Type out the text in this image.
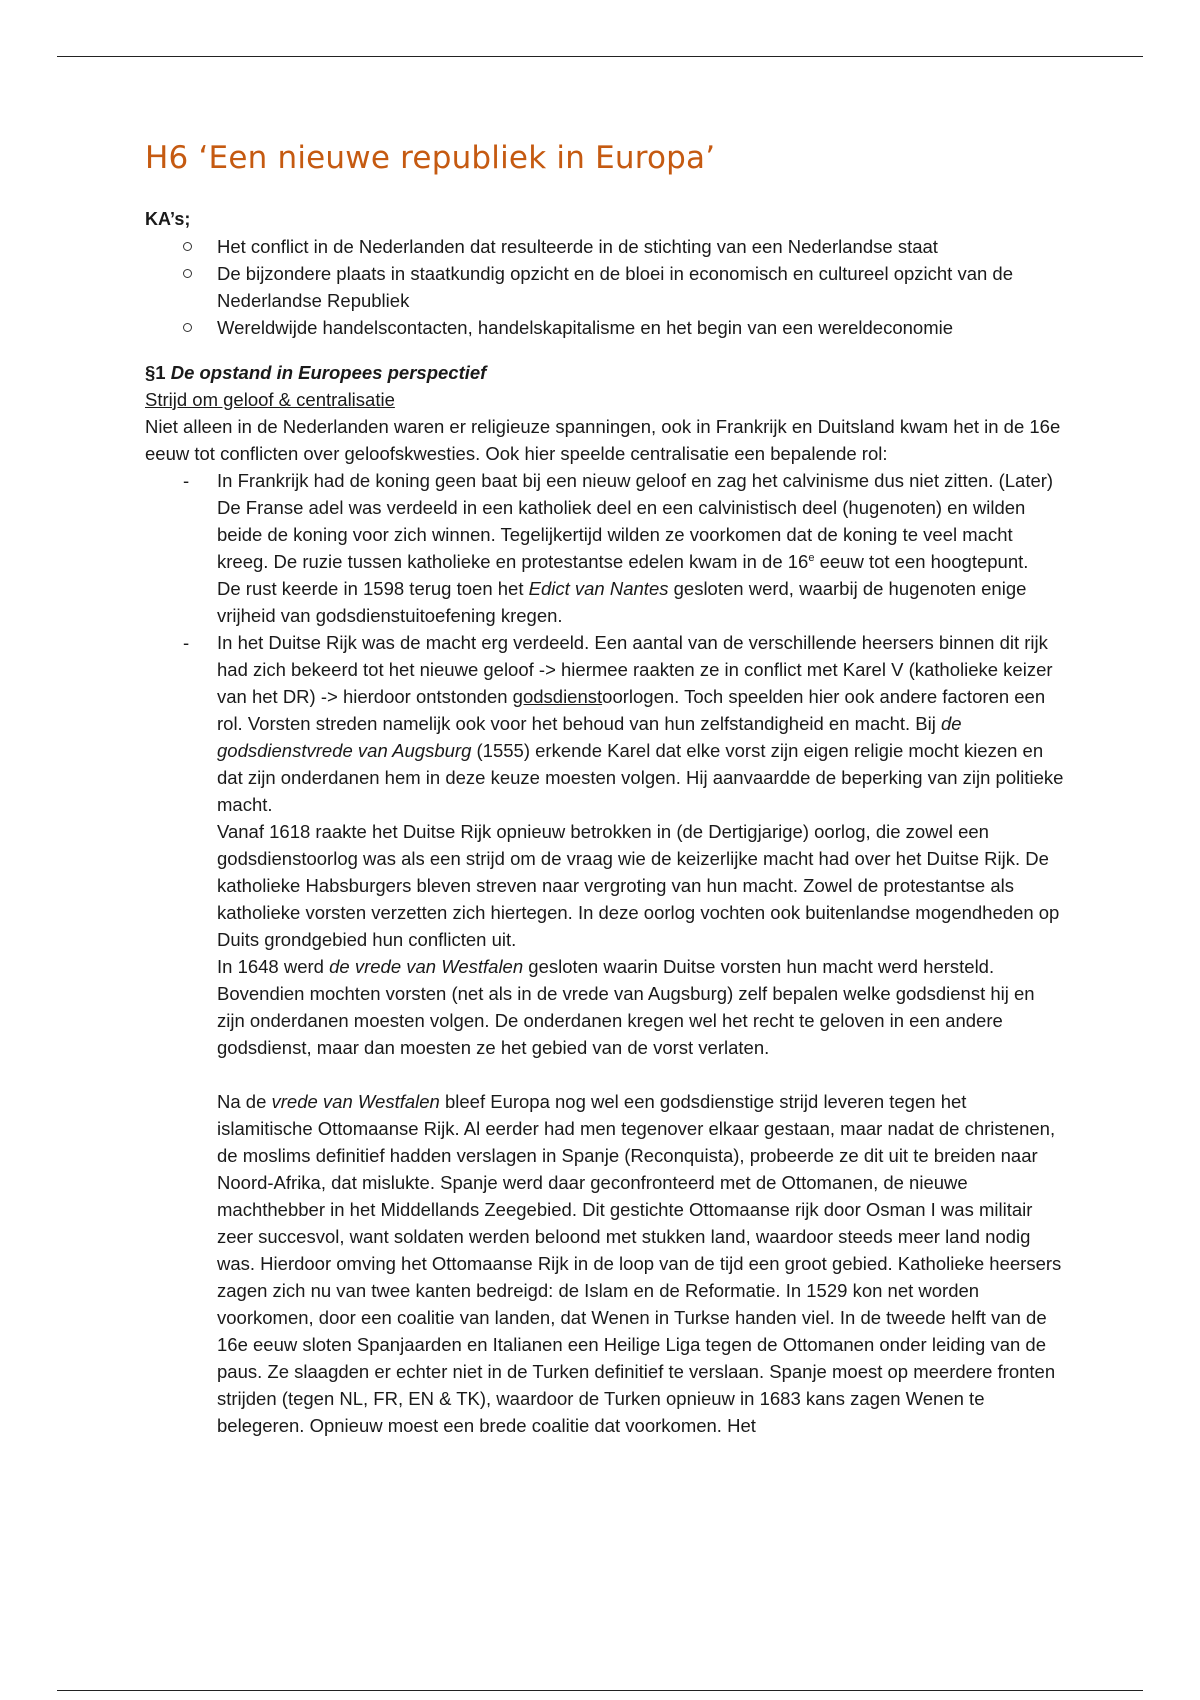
H6 ‘Een nieuwe republiek in Europa’
KA’s;
Het conflict in de Nederlanden dat resulteerde in de stichting van een Nederlandse staat
De bijzondere plaats in staatkundig opzicht en de bloei in economisch en cultureel opzicht van de Nederlandse Republiek
Wereldwijde handelscontacten, handelskapitalisme en het begin van een wereldeconomie
§1 De opstand in Europees perspectief
Strijd om geloof & centralisatie

Niet alleen in de Nederlanden waren er religieuze spanningen, ook in Frankrijk en Duitsland kwam het in de 16e eeuw tot conflicten over geloofskwesties. Ook hier speelde centralisatie een bepalende rol:

- In Frankrijk had de koning geen baat bij een nieuw geloof en zag het calvinisme dus niet zitten. (Later) De Franse adel was verdeeld in een katholiek deel en een calvinistisch deel (hugenoten) en wilden beide de koning voor zich winnen. Tegelijkertijd wilden ze voorkomen dat de koning te veel macht kreeg. De ruzie tussen katholieke en protestantse edelen kwam in de 16e eeuw tot een hoogtepunt.
De rust keerde in 1598 terug toen het Edict van Nantes gesloten werd, waarbij de hugenoten enige vrijheid van godsdienstuitoefening kregen.
- In het Duitse Rijk was de macht erg verdeeld. Een aantal van de verschillende heersers binnen dit rijk had zich bekeerd tot het nieuwe geloof -> hiermee raakten ze in conflict met Karel V (katholieke keizer van het DR) -> hierdoor ontstonden godsdienstoorlogen. Toch speelden hier ook andere factoren een rol. Vorsten streden namelijk ook voor het behoud van hun zelfstandigheid en macht. Bij de godsdienstvrede van Augsburg (1555) erkende Karel dat elke vorst zijn eigen religie mocht kiezen en dat zijn onderdanen hem in deze keuze moesten volgen. Hij aanvaardde de beperking van zijn politieke macht.
Vanaf 1618 raakte het Duitse Rijk opnieuw betrokken in (de Dertigjarige) oorlog, die zowel een godsdienstoorlog was als een strijd om de vraag wie de keizerlijke macht had over het Duitse Rijk. De katholieke Habsburgers bleven streven naar vergroting van hun macht. Zowel de protestantse als katholieke vorsten verzetten zich hiertegen. In deze oorlog vochten ook buitenlandse mogendheden op Duits grondgebied hun conflicten uit.
In 1648 werd de vrede van Westfalen gesloten waarin Duitse vorsten hun macht werd hersteld. Bovendien mochten vorsten (net als in de vrede van Augsburg) zelf bepalen welke godsdienst hij en zijn onderdanen moesten volgen. De onderdanen kregen wel het recht te geloven in een andere godsdienst, maar dan moesten ze het gebied van de vorst verlaten.
Na de vrede van Westfalen bleef Europa nog wel een godsdienstige strijd leveren tegen het islamitische Ottomaanse Rijk. Al eerder had men tegenover elkaar gestaan, maar nadat de christenen, de moslims definitief hadden verslagen in Spanje (Reconquista), probeerde ze dit uit te breiden naar Noord-Afrika, dat mislukte. Spanje werd daar geconfronteerd met de Ottomanen, de nieuwe machthebber in het Middellands Zeegebied. Dit gestichte Ottomaanse rijk door Osman I was militair zeer succesvol, want soldaten werden beloond met stukken land, waardoor steeds meer land nodig was. Hierdoor omving het Ottomaanse Rijk in de loop van de tijd een groot gebied. Katholieke heersers zagen zich nu van twee kanten bedreigd: de Islam en de Reformatie. In 1529 kon net worden voorkomen, door een coalitie van landen, dat Wenen in Turkse handen viel. In de tweede helft van de 16e eeuw sloten Spanjaarden en Italianen een Heilige Liga tegen de Ottomanen onder leiding van de paus. Ze slaagden er echter niet in de Turken definitief te verslaan. Spanje moest op meerdere fronten strijden (tegen NL, FR, EN & TK), waardoor de Turken opnieuw in 1683 kans zagen Wenen te belegeren. Opnieuw moest een brede coalitie dat voorkomen. Het
